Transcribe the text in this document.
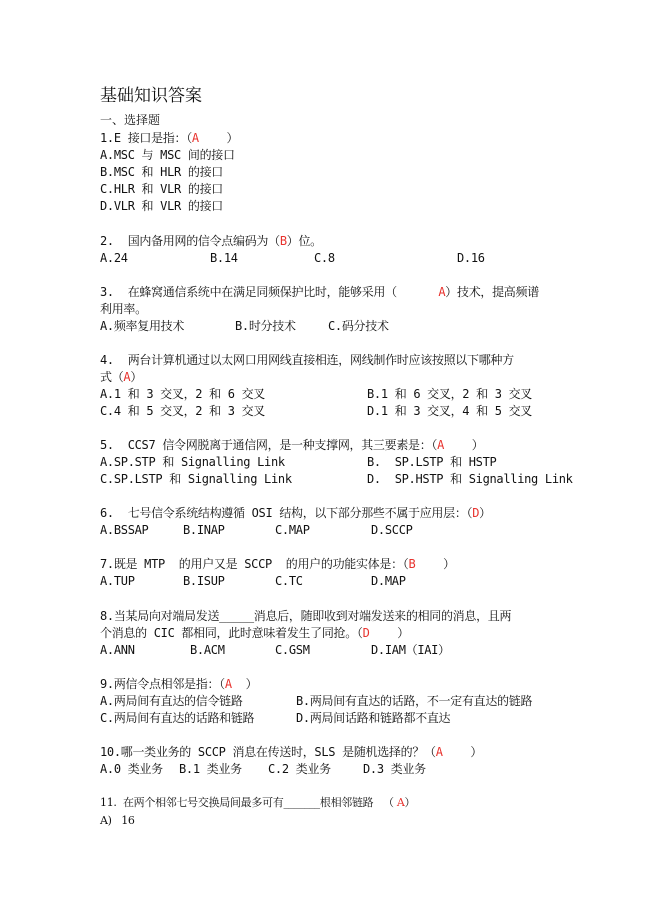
基础知识答案
一、选择题
1.E 接口是指：（A    ）
A.MSC 与 MSC 间的接口
B.MSC 和 HLR 的接口
C.HLR 和 VLR 的接口
D.VLR 和 VLR 的接口
2.  国内备用网的信令点编码为（B）位。
A.24	B.14	C.8	D.16
3.  在蜂窝通信系统中在满足同频保护比时，能够采用（      A）技术，提高频谱
利用率。
A.频率复用技术	B.时分技术	C.码分技术
4.  两台计算机通过以太网口用网线直接相连，网线制作时应该按照以下哪种方
式（A）
A.1 和 3 交叉，2 和 6 交叉	B.1 和 6 交叉，2 和 3 交叉
C.4 和 5 交叉，2 和 3 交叉	D.1 和 3 交叉，4 和 5 交叉
5.  CCS7 信令网脱离于通信网，是一种支撑网，其三要素是：（A    ）
A.SP.STP 和 Signalling Link	B.  SP.LSTP 和 HSTP
C.SP.LSTP 和 Signalling Link	D.  SP.HSTP 和 Signalling Link
6.  七号信令系统结构遵循 OSI 结构，以下部分那些不属于应用层：（D）
A.BSSAP	B.INAP	C.MAP	D.SCCP
7.既是 MTP  的用户又是 SCCP  的用户的功能实体是：（B    ）
A.TUP	B.ISUP	C.TC	D.MAP
8.当某局向对端局发送_____消息后，随即收到对端发送来的相同的消息，且两
个消息的 CIC 都相同，此时意味着发生了同抢。（D    ）
A.ANN	B.ACM	C.GSM	D.IAM（IAI）
9.两信令点相邻是指：（A  ）
A.两局间有直达的信令链路	B.两局间有直达的话路，不一定有直达的链路
C.两局间有直达的话路和链路	D.两局间话路和链路都不直达
10.哪一类业务的 SCCP 消息在传送时，SLS 是随机选择的？（A    ）
A.0 类业务 B.1 类业务 C.2 类业务	D.3 类业务
11.  在两个相邻七号交换局间最多可有_______根相邻链路   （ A）
A)   16
